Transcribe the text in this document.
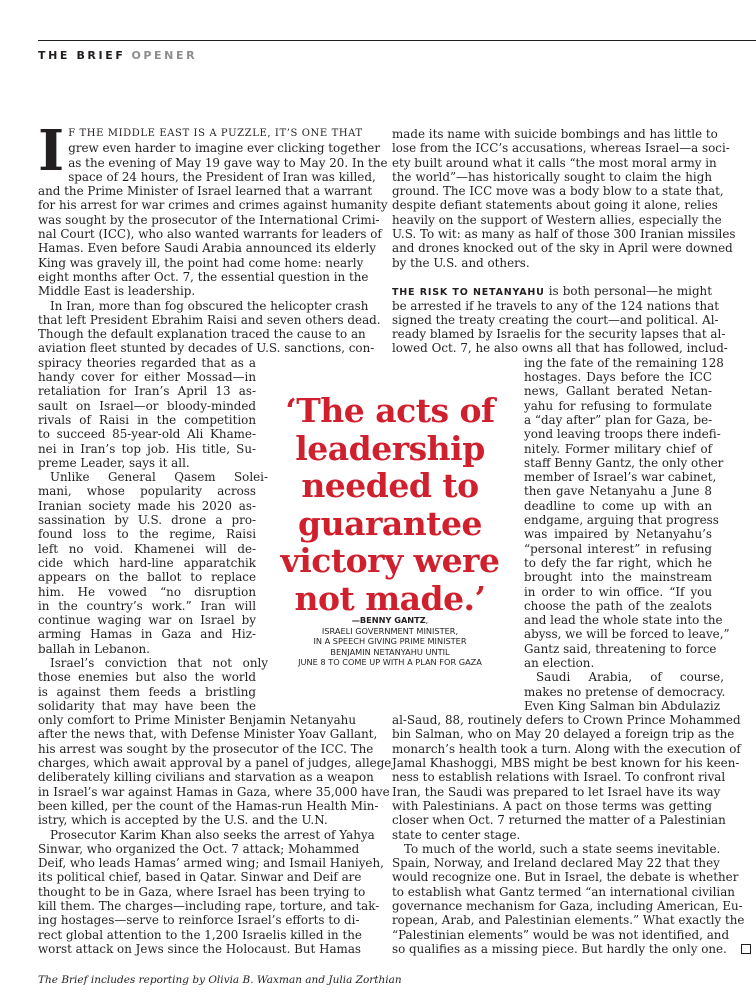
THE BRIEF OPENER
I F THE MIDDLE EAST IS A PUZZLE, IT’S ONE THAT
grew even harder to imagine ever clicking together
as the evening of May 19 gave way to May 20. In the
space of 24 hours, the President of Iran was killed,
and the Prime Minister of Israel learned that a warrant
for his arrest for war crimes and crimes against humanity
was sought by the prosecutor of the International Crimi-
nal Court (ICC), who also wanted warrants for leaders of
Hamas. Even before Saudi Arabia announced its elderly
King was gravely ill, the point had come home: nearly
eight months after Oct. 7, the essential question in the
Middle East is leadership.
In Iran, more than fog obscured the helicopter crash
that left President Ebrahim Raisi and seven others dead.
Though the default explanation traced the cause to an
aviation fleet stunted by decades of U.S. sanctions, con-
spiracy theories regarded that as a
handy cover for either Mossad—in
retaliation for Iran’s April 13 as-
sault on Israel—or bloody-minded
rivals of Raisi in the competition
to succeed 85-year-old Ali Khame-
nei in Iran’s top job. His title, Su-
preme Leader, says it all.
Unlike General Qasem Solei-
mani, whose popularity across
Iranian society made his 2020 as-
sassination by U.S. drone a pro-
found loss to the regime, Raisi
left no void. Khamenei will de-
cide which hard-line apparatchik
appears on the ballot to replace
him. He vowed “no disruption
in the country’s work.” Iran will
continue waging war on Israel by
arming Hamas in Gaza and Hiz-
ballah in Lebanon.
Israel’s conviction that not only
those enemies but also the world
is against them feeds a bristling
solidarity that may have been the
only comfort to Prime Minister Benjamin Netanyahu
after the news that, with Defense Minister Yoav Gallant,
his arrest was sought by the prosecutor of the ICC. The
charges, which await approval by a panel of judges, allege
deliberately killing civilians and starvation as a weapon
in Israel’s war against Hamas in Gaza, where 35,000 have
been killed, per the count of the Hamas-run Health Min-
istry, which is accepted by the U.S. and the U.N.
Prosecutor Karim Khan also seeks the arrest of Yahya
Sinwar, who organized the Oct. 7 attack; Mohammed
Deif, who leads Hamas’ armed wing; and Ismail Haniyeh,
its political chief, based in Qatar. Sinwar and Deif are
thought to be in Gaza, where Israel has been trying to
kill them. The charges—including rape, torture, and tak-
ing hostages—serve to reinforce Israel’s efforts to di-
rect global attention to the 1,200 Israelis killed in the
worst attack on Jews since the Holocaust. But Hamas
made its name with suicide bombings and has little to
lose from the ICC’s accusations, whereas Israel—a soci-
ety built around what it calls “the most moral army in
the world”—has historically sought to claim the high
ground. The ICC move was a body blow to a state that,
despite defiant statements about going it alone, relies
heavily on the support of Western allies, especially the
U.S. To wit: as many as half of those 300 Iranian missiles
and drones knocked out of the sky in April were downed
by the U.S. and others.
THE RISK TO NETANYAHU is both personal—he might
be arrested if he travels to any of the 124 nations that
signed the treaty creating the court—and political. Al-
ready blamed by Israelis for the security lapses that al-
lowed Oct. 7, he also owns all that has followed, includ-
ing the fate of the remaining 128
hostages. Days before the ICC
news, Gallant berated Netan-
yahu for refusing to formulate
a “day after” plan for Gaza, be-
yond leaving troops there indefi-
nitely. Former military chief of
staff Benny Gantz, the only other
member of Israel’s war cabinet,
then gave Netanyahu a June 8
deadline to come up with an
endgame, arguing that progress
was impaired by Netanyahu’s
“personal interest” in refusing
to defy the far right, which he
brought into the mainstream
in order to win office. “If you
choose the path of the zealots
and lead the whole state into the
abyss, we will be forced to leave,”
Gantz said, threatening to force
an election.
Saudi Arabia, of course,
makes no pretense of democracy.
Even King Salman bin Abdulaziz
al-Saud, 88, routinely defers to Crown Prince Mohammed
bin Salman, who on May 20 delayed a foreign trip as the
monarch’s health took a turn. Along with the execution of
Jamal Khashoggi, MBS might be best known for his keen-
ness to establish relations with Israel. To confront rival
Iran, the Saudi was prepared to let Israel have its way
with Palestinians. A pact on those terms was getting
closer when Oct. 7 returned the matter of a Palestinian
state to center stage.
To much of the world, such a state seems inevitable.
Spain, Norway, and Ireland declared May 22 that they
would recognize one. But in Israel, the debate is whether
to establish what Gantz termed “an international civilian
governance mechanism for Gaza, including American, Eu-
ropean, Arab, and Palestinian elements.” What exactly the
“Palestinian elements” would be was not identified, and
so qualifies as a missing piece. But hardly the only one.
‘The acts of
leadership
needed to
guarantee
victory were
not made.’
—BENNY GANTZ,
ISRAELI GOVERNMENT MINISTER,
IN A SPEECH GIVING PRIME MINISTER
BENJAMIN NETANYAHU UNTIL
JUNE 8 TO COME UP WITH A PLAN FOR GAZA
The Brief includes reporting by Olivia B. Waxman and Julia Zorthian
